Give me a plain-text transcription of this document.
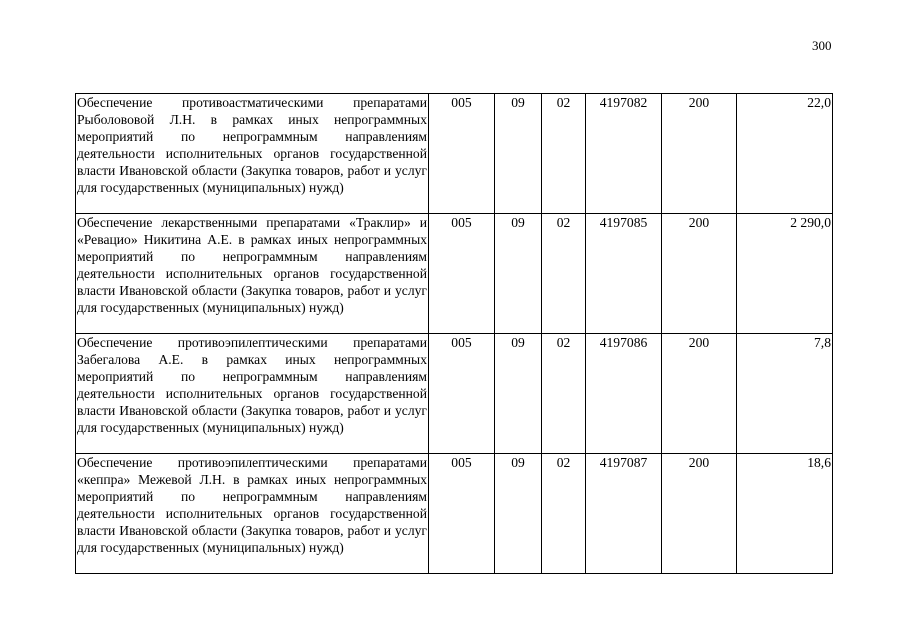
300
Обеспечение противоастматическими препаратами Рыболововой Л.Н. в рамках иных непрограммных мероприятий по непрограммным направлениям деятельности исполнительных органов государственной власти Ивановской области (Закупка товаров, работ и услуг для государственных (муниципальных) нужд)	005	09	02	4197082	200	22,0
Обеспечение лекарственными препаратами «Траклир» и «Ревацио» Никитина А.Е. в рамках иных непрограммных мероприятий по непрограммным направлениям деятельности исполнительных органов государственной власти Ивановской области (Закупка товаров, работ и услуг для государственных (муниципальных) нужд)	005	09	02	4197085	200	2 290,0
Обеспечение противоэпилептическими препаратами Забегалова А.Е. в рамках иных непрограммных мероприятий по непрограммным направлениям деятельности исполнительных органов государственной власти Ивановской области (Закупка товаров, работ и услуг для государственных (муниципальных) нужд)	005	09	02	4197086	200	7,8
Обеспечение противоэпилептическими препаратами «кеппра» Межевой Л.Н. в рамках иных непрограммных мероприятий по непрограммным направлениям деятельности исполнительных органов государственной власти Ивановской области (Закупка товаров, работ и услуг для государственных (муниципальных) нужд)	005	09	02	4197087	200	18,6
